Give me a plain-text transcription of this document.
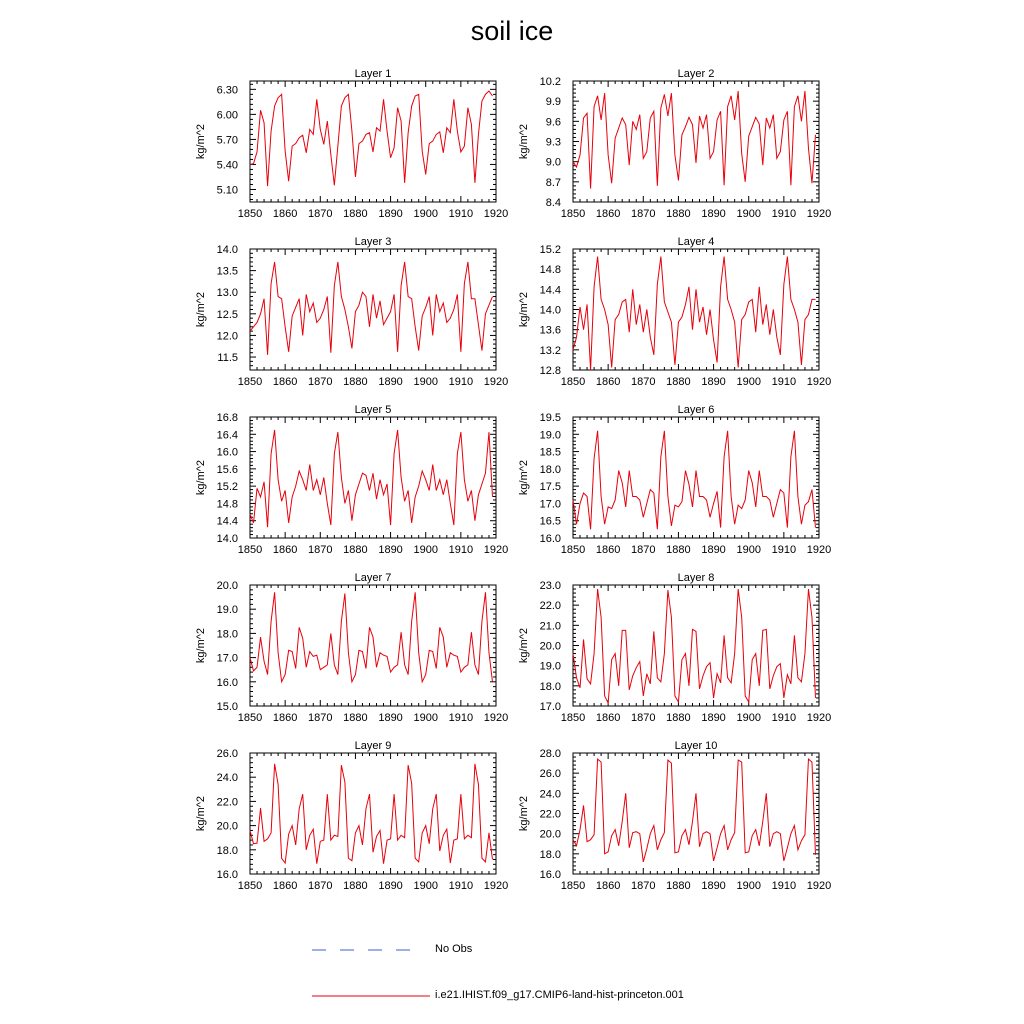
soil ice
Layer 1
kg/m^2
1850 1860 1870 1880 1890 1900 1910 1920
5.10
5.40
5.70
6.00
6.30
Layer 2
kg/m^2
1850 1860 1870 1880 1890 1900 1910 1920
8.4
8.7
9.0
9.3
9.6
9.9
10.2
Layer 3
kg/m^2
1850 1860 1870 1880 1890 1900 1910 1920
11.5
12.0
12.5
13.0
13.5
14.0
Layer 4
kg/m^2
1850 1860 1870 1880 1890 1900 1910 1920
12.8
13.2
13.6
14.0
14.4
14.8
15.2
Layer 5
kg/m^2
1850 1860 1870 1880 1890 1900 1910 1920
14.0
14.4
14.8
15.2
15.6
16.0
16.4
16.8
Layer 6
kg/m^2
1850 1860 1870 1880 1890 1900 1910 1920
16.0
16.5
17.0
17.5
18.0
18.5
19.0
19.5
Layer 7
kg/m^2
1850 1860 1870 1880 1890 1900 1910 1920
15.0
16.0
17.0
18.0
19.0
20.0
Layer 8
kg/m^2
1850 1860 1870 1880 1890 1900 1910 1920
17.0
18.0
19.0
20.0
21.0
22.0
23.0
Layer 9
kg/m^2
1850 1860 1870 1880 1890 1900 1910 1920
16.0
18.0
20.0
22.0
24.0
26.0
Layer 10
kg/m^2
1850 1860 1870 1880 1890 1900 1910 1920
16.0
18.0
20.0
22.0
24.0
26.0
28.0
No Obs
i.e21.IHIST.f09_g17.CMIP6-land-hist-princeton.001
